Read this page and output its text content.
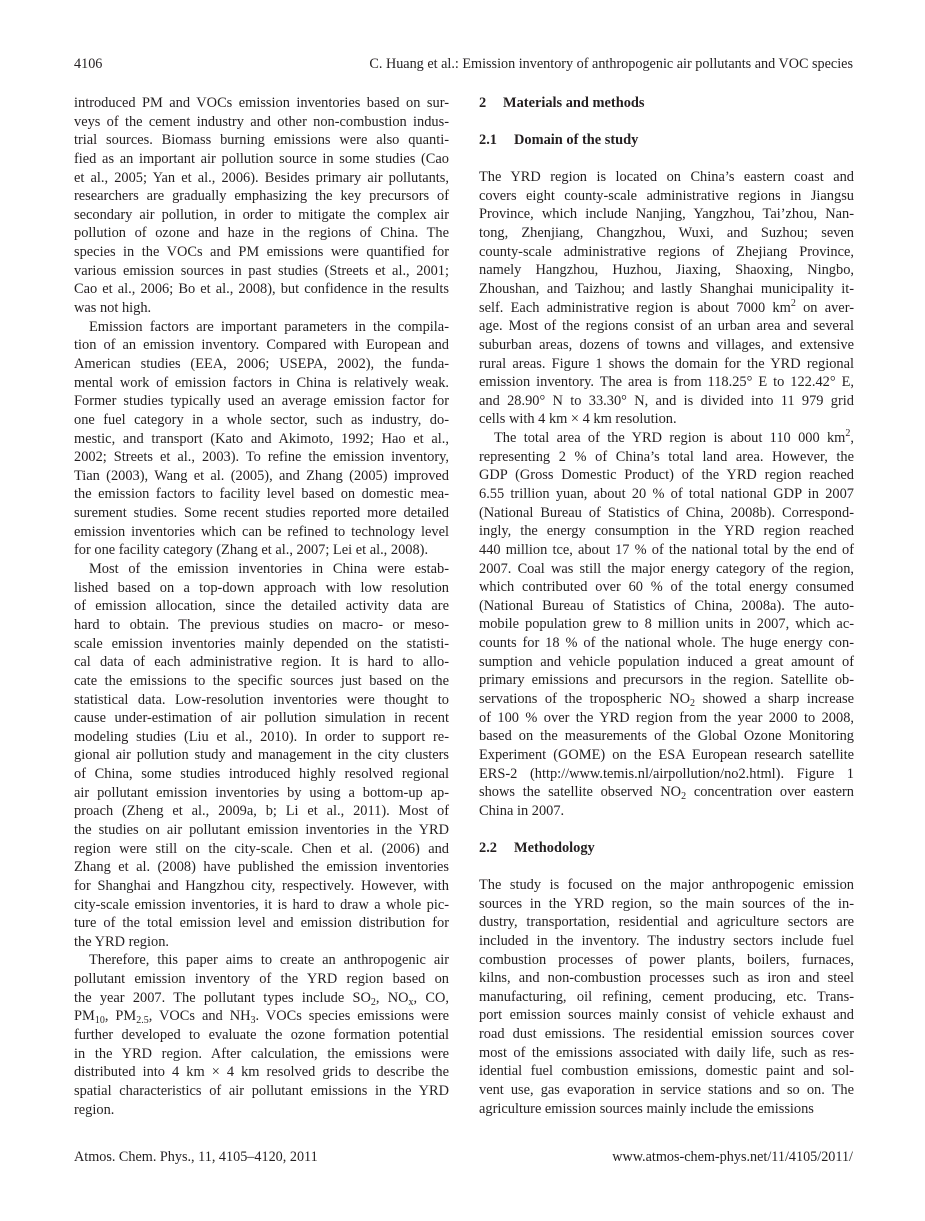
4106	C. Huang et al.: Emission inventory of anthropogenic air pollutants and VOC species
introduced PM and VOCs emission inventories based on sur-
veys of the cement industry and other non-combustion indus-
trial sources. Biomass burning emissions were also quanti-
fied as an important air pollution source in some studies (Cao
et al., 2005; Yan et al., 2006). Besides primary air pollutants,
researchers are gradually emphasizing the key precursors of
secondary air pollution, in order to mitigate the complex air
pollution of ozone and haze in the regions of China. The
species in the VOCs and PM emissions were quantified for
various emission sources in past studies (Streets et al., 2001;
Cao et al., 2006; Bo et al., 2008), but confidence in the results
was not high.
Emission factors are important parameters in the compila-
tion of an emission inventory. Compared with European and
American studies (EEA, 2006; USEPA, 2002), the funda-
mental work of emission factors in China is relatively weak.
Former studies typically used an average emission factor for
one fuel category in a whole sector, such as industry, do-
mestic, and transport (Kato and Akimoto, 1992; Hao et al.,
2002; Streets et al., 2003). To refine the emission inventory,
Tian (2003), Wang et al. (2005), and Zhang (2005) improved
the emission factors to facility level based on domestic mea-
surement studies. Some recent studies reported more detailed
emission inventories which can be refined to technology level
for one facility category (Zhang et al., 2007; Lei et al., 2008).
Most of the emission inventories in China were estab-
lished based on a top-down approach with low resolution
of emission allocation, since the detailed activity data are
hard to obtain. The previous studies on macro- or meso-
scale emission inventories mainly depended on the statisti-
cal data of each administrative region. It is hard to allo-
cate the emissions to the specific sources just based on the
statistical data. Low-resolution inventories were thought to
cause under-estimation of air pollution simulation in recent
modeling studies (Liu et al., 2010). In order to support re-
gional air pollution study and management in the city clusters
of China, some studies introduced highly resolved regional
air pollutant emission inventories by using a bottom-up ap-
proach (Zheng et al., 2009a, b; Li et al., 2011). Most of
the studies on air pollutant emission inventories in the YRD
region were still on the city-scale. Chen et al. (2006) and
Zhang et al. (2008) have published the emission inventories
for Shanghai and Hangzhou city, respectively. However, with
city-scale emission inventories, it is hard to draw a whole pic-
ture of the total emission level and emission distribution for
the YRD region.
Therefore, this paper aims to create an anthropogenic air
pollutant emission inventory of the YRD region based on
the year 2007. The pollutant types include $SO_2$, $NO_x$, CO,
$PM_{10}$, $PM_{2.5}$, VOCs and $NH_3$. VOCs species emissions were
further developed to evaluate the ozone formation potential
in the YRD region. After calculation, the emissions were
distributed into 4 km × 4 km resolved grids to describe the
spatial characteristics of air pollutant emissions in the YRD
region.
2 Materials and methods
2.1 Domain of the study
The YRD region is located on China’s eastern coast and
covers eight county-scale administrative regions in Jiangsu
Province, which include Nanjing, Yangzhou, Tai’zhou, Nan-
tong, Zhenjiang, Changzhou, Wuxi, and Suzhou; seven
county-scale administrative regions of Zhejiang Province,
namely Hangzhou, Huzhou, Jiaxing, Shaoxing, Ningbo,
Zhoushan, and Taizhou; and lastly Shanghai municipality it-
self. Each administrative region is about 7000 $km^2$ on aver-
age. Most of the regions consist of an urban area and several
suburban areas, dozens of towns and villages, and extensive
rural areas. Figure 1 shows the domain for the YRD regional
emission inventory. The area is from 118.25° E to 122.42° E,
and 28.90° N to 33.30° N, and is divided into 11 979 grid
cells with 4 km × 4 km resolution.
The total area of the YRD region is about 110 000 $km^2$,
representing 2 % of China’s total land area. However, the
GDP (Gross Domestic Product) of the YRD region reached
6.55 trillion yuan, about 20 % of total national GDP in 2007
(National Bureau of Statistics of China, 2008b). Correspond-
ingly, the energy consumption in the YRD region reached
440 million tce, about 17 % of the national total by the end of
2007. Coal was still the major energy category of the region,
which contributed over 60 % of the total energy consumed
(National Bureau of Statistics of China, 2008a). The auto-
mobile population grew to 8 million units in 2007, which ac-
counts for 18 % of the national whole. The huge energy con-
sumption and vehicle population induced a great amount of
primary emissions and precursors in the region. Satellite ob-
servations of the tropospheric $NO_2$ showed a sharp increase
of 100 % over the YRD region from the year 2000 to 2008,
based on the measurements of the Global Ozone Monitoring
Experiment (GOME) on the ESA European research satellite
ERS-2 (http://www.temis.nl/airpollution/no2.html). Figure 1
shows the satellite observed $NO_2$ concentration over eastern
China in 2007.
2.2 Methodology
The study is focused on the major anthropogenic emission
sources in the YRD region, so the main sources of the in-
dustry, transportation, residential and agriculture sectors are
included in the inventory. The industry sectors include fuel
combustion processes of power plants, boilers, furnaces,
kilns, and non-combustion processes such as iron and steel
manufacturing, oil refining, cement producing, etc. Trans-
port emission sources mainly consist of vehicle exhaust and
road dust emissions. The residential emission sources cover
most of the emissions associated with daily life, such as res-
idential fuel combustion emissions, domestic paint and sol-
vent use, gas evaporation in service stations and so on. The
agriculture emission sources mainly include the emissions
Atmos. Chem. Phys., 11, 4105–4120, 2011	www.atmos-chem-phys.net/11/4105/2011/
